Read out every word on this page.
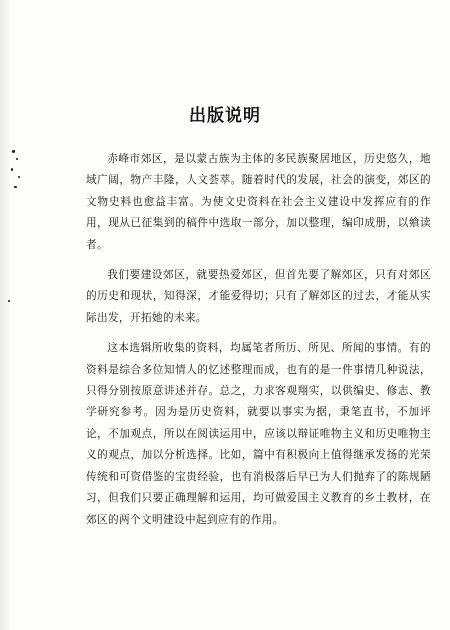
出版说明

赤峰市郊区，是以蒙古族为主体的多民族聚居地区，历史悠久，地域广阔，物产丰隆，人文荟萃。随着时代的发展，社会的演变，郊区的文物史料也愈益丰富。为使文史资料在社会主义建设中发挥应有的作用，现从已征集到的稿件中选取一部分，加以整理，编印成册，以飨读者。

我们要建设郊区，就要热爱郊区，但首先要了解郊区，只有对郊区的历史和现状，知得深，才能爱得切；只有了解郊区的过去，才能从实际出发，开拓她的未来。

这本选辑所收集的资料，均属笔者所历、所见、所闻的事情。有的资料是综合多位知情人的忆述整理而成，也有的是一件事情几种说法，只得分别按原意讲述并存。总之，力求客观翔实，以供编史、修志、教学研究参考。因为是历史资料，就要以事实为据，秉笔直书，不加评论，不加观点，所以在阅读运用中，应该以辩证唯物主义和历史唯物主义的观点，加以分析选择。比如，篇中有积极向上值得继承发扬的光荣传统和可资借鉴的宝贵经验，也有消极落后早已为人们抛弃了的陈规陋习，但我们只要正确理解和运用，均可做爱国主义教育的乡土教材，在郊区的两个文明建设中起到应有的作用。
